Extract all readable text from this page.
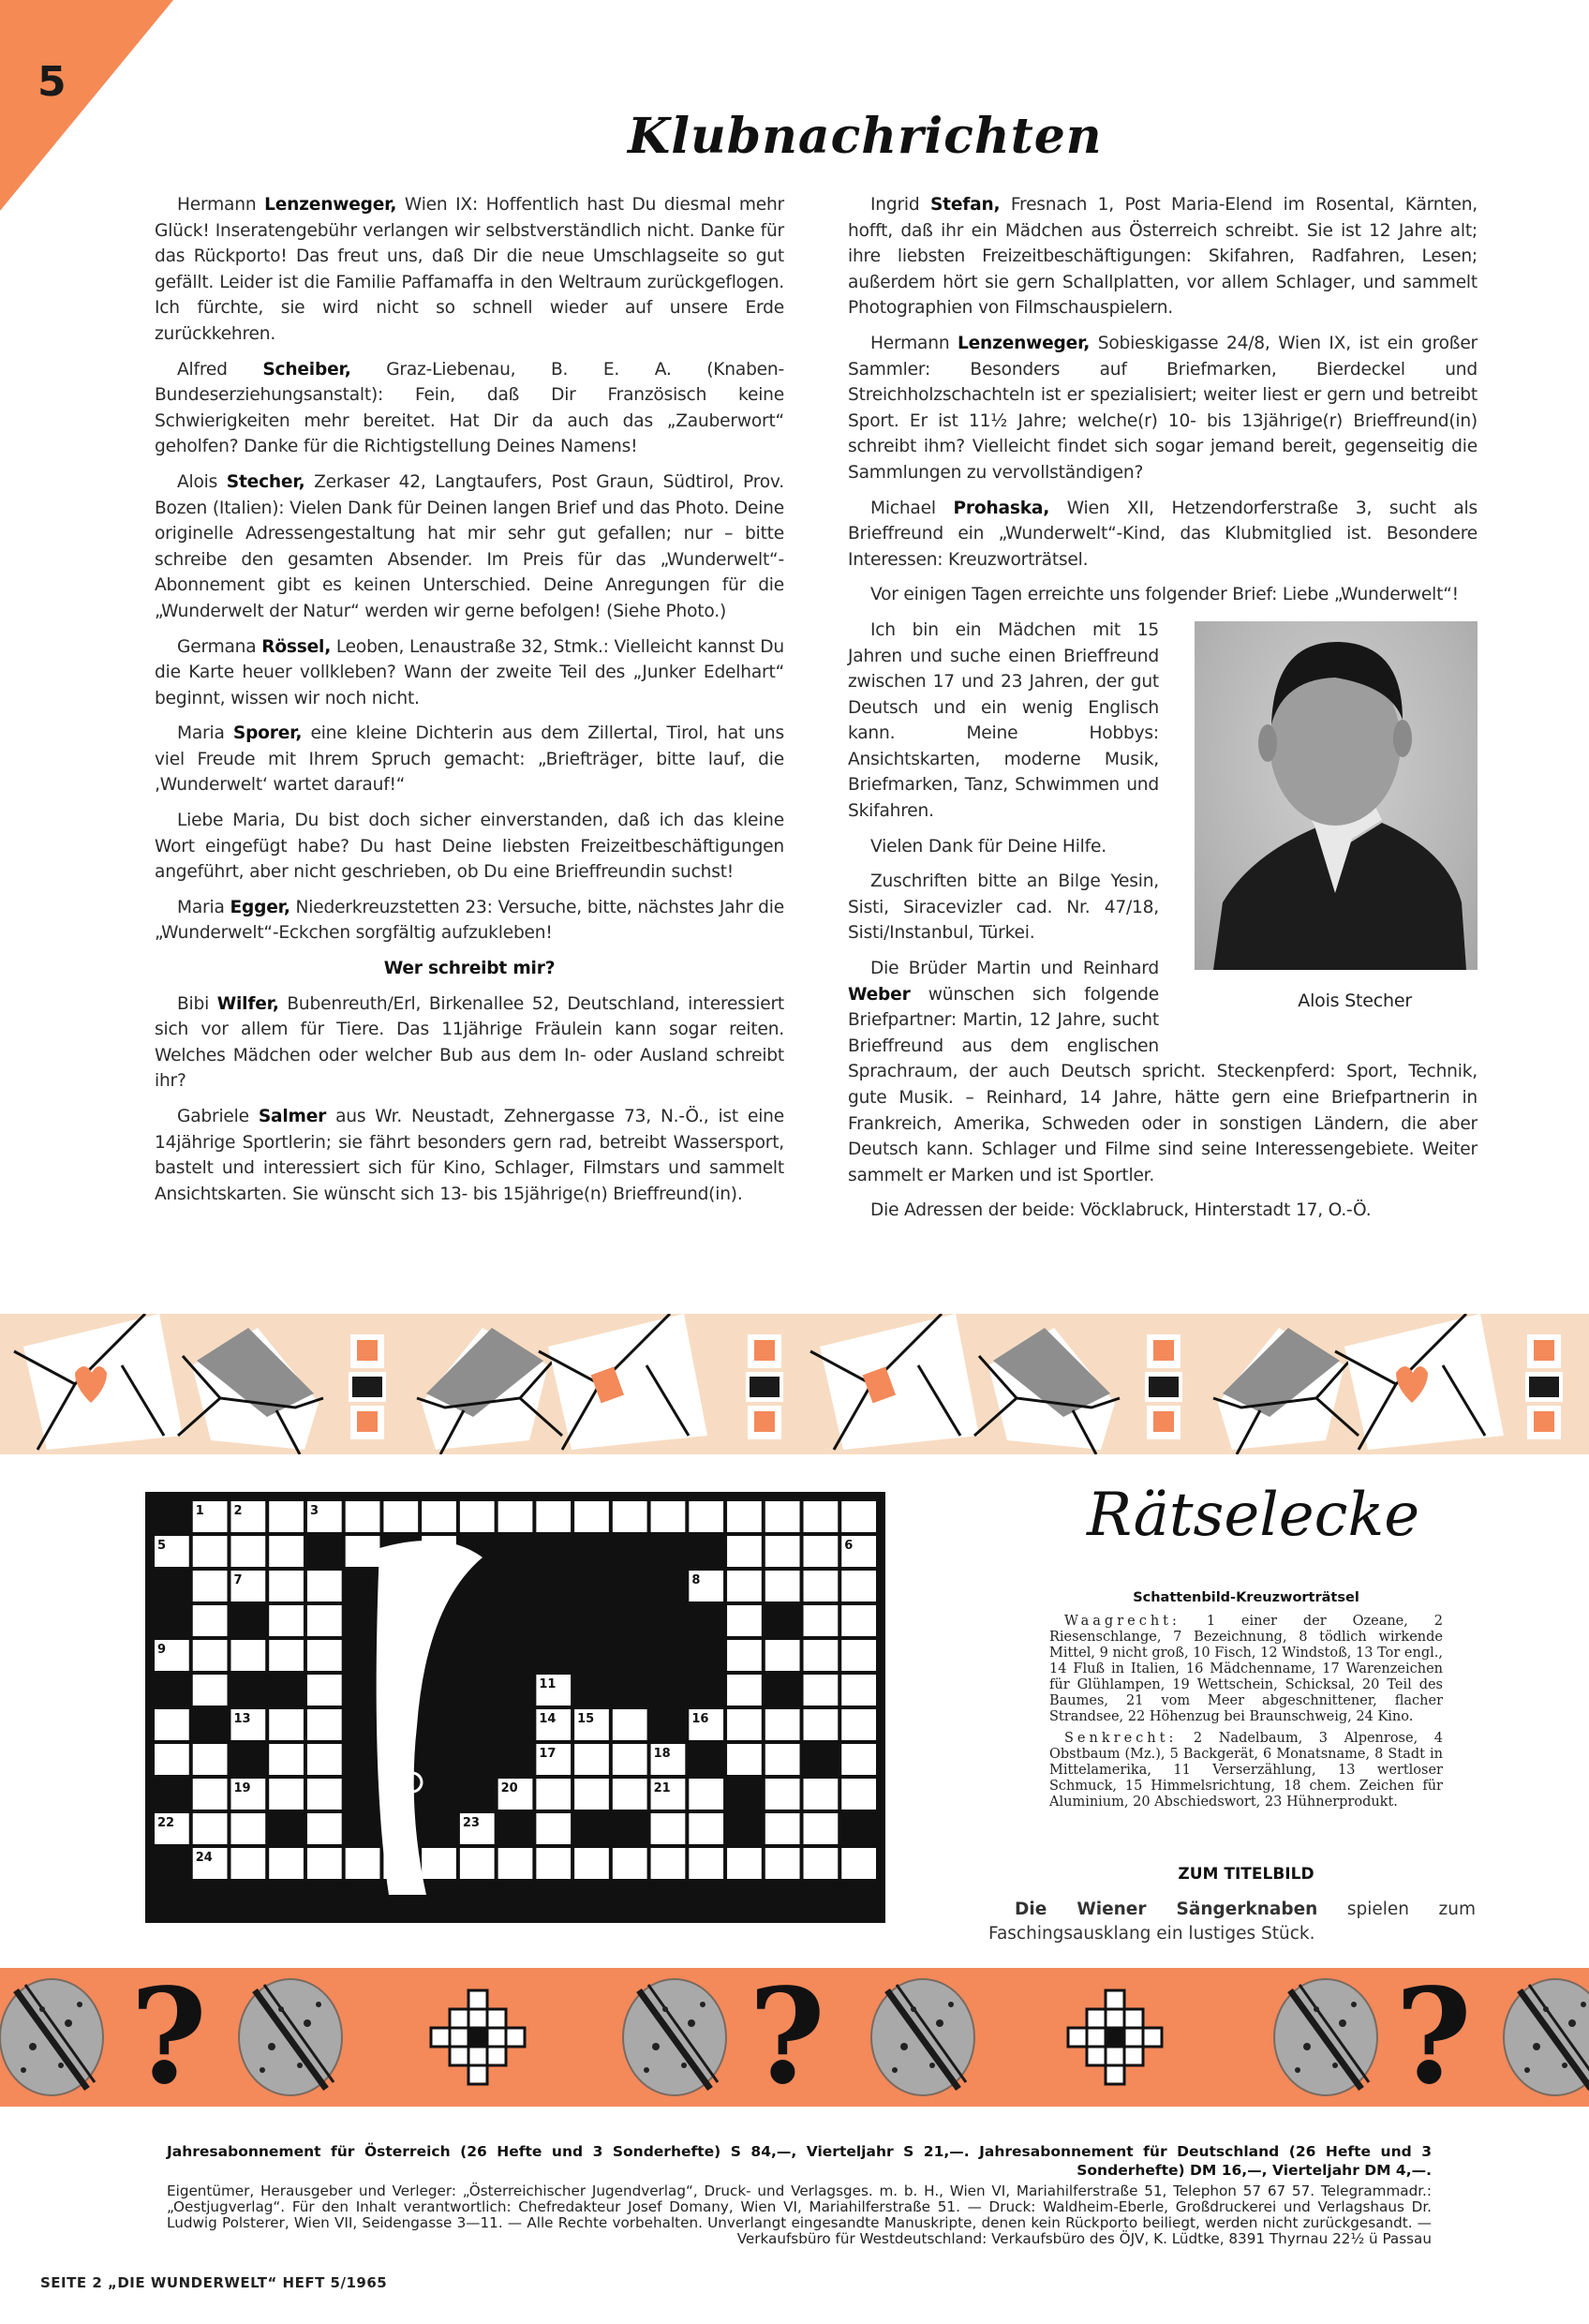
5
Klubnachrichten

Hermann Lenzenweger, Wien IX: Hoffentlich hast Du diesmal mehr Glück! Inseratengebühr verlangen wir selbstverständlich nicht. Danke für das Rückporto! Das freut uns, daß Dir die neue Umschlagseite so gut gefällt. Leider ist die Familie Paffamaffa in den Weltraum zurückgeflogen. Ich fürchte, sie wird nicht so schnell wieder auf unsere Erde zurückkehren.

Alfred Scheiber, Graz-Liebenau, B. E. A. (Knaben-Bundeserziehungsanstalt): Fein, daß Dir Französisch keine Schwierigkeiten mehr bereitet. Hat Dir da auch das „Zauberwort“ geholfen? Danke für die Richtigstellung Deines Namens!

Alois Stecher, Zerkaser 42, Langtaufers, Post Graun, Südtirol, Prov. Bozen (Italien): Vielen Dank für Deinen langen Brief und das Photo. Deine originelle Adressengestaltung hat mir sehr gut gefallen; nur – bitte schreibe den gesamten Absender. Im Preis für das „Wunderwelt“-Abonnement gibt es keinen Unterschied. Deine Anregungen für die „Wunderwelt der Natur“ werden wir gerne befolgen! (Siehe Photo.)

Germana Rössel, Leoben, Lenaustraße 32, Stmk.: Vielleicht kannst Du die Karte heuer vollkleben? Wann der zweite Teil des „Junker Edelhart“ beginnt, wissen wir noch nicht.

Maria Sporer, eine kleine Dichterin aus dem Zillertal, Tirol, hat uns viel Freude mit Ihrem Spruch gemacht: „Briefträger, bitte lauf, die ‚Wunderwelt‘ wartet darauf!“

Liebe Maria, Du bist doch sicher einverstanden, daß ich das kleine Wort eingefügt habe? Du hast Deine liebsten Freizeitbeschäftigungen angeführt, aber nicht geschrieben, ob Du eine Brieffreundin suchst!

Maria Egger, Niederkreuzstetten 23: Versuche, bitte, nächstes Jahr die „Wunderwelt“-Eckchen sorgfältig aufzukleben!

Wer schreibt mir?

Bibi Wilfer, Bubenreuth/Erl, Birkenallee 52, Deutschland, interessiert sich vor allem für Tiere. Das 11jährige Fräulein kann sogar reiten. Welches Mädchen oder welcher Bub aus dem In- oder Ausland schreibt ihr?

Gabriele Salmer aus Wr. Neustadt, Zehnergasse 73, N.-Ö., ist eine 14jährige Sportlerin; sie fährt besonders gern rad, betreibt Wassersport, bastelt und interessiert sich für Kino, Schlager, Filmstars und sammelt Ansichtskarten. Sie wünscht sich 13- bis 15jährige(n) Brieffreund(in).

Ingrid Stefan, Fresnach 1, Post Maria-Elend im Rosental, Kärnten, hofft, daß ihr ein Mädchen aus Österreich schreibt. Sie ist 12 Jahre alt; ihre liebsten Freizeitbeschäftigungen: Skifahren, Radfahren, Lesen; außerdem hört sie gern Schallplatten, vor allem Schlager, und sammelt Photographien von Filmschauspielern.

Hermann Lenzenweger, Sobieskigasse 24/8, Wien IX, ist ein großer Sammler: Besonders auf Briefmarken, Bierdeckel und Streichholzschachteln ist er spezialisiert; weiter liest er gern und betreibt Sport. Er ist 11½ Jahre; welche(r) 10- bis 13jährige(r) Brieffreund(in) schreibt ihm? Vielleicht findet sich sogar jemand bereit, gegenseitig die Sammlungen zu vervollständigen?

Michael Prohaska, Wien XII, Hetzendorferstraße 3, sucht als Brieffreund ein „Wunderwelt“-Kind, das Klubmitglied ist. Besondere Interessen: Kreuzworträtsel.

Vor einigen Tagen erreichte uns folgender Brief: Liebe „Wunderwelt“!

Alois Stecher

Ich bin ein Mädchen mit 15 Jahren und suche einen Brieffreund zwischen 17 und 23 Jahren, der gut Deutsch und ein wenig Englisch kann. Meine Hobbys: Ansichtskarten, moderne Musik, Briefmarken, Tanz, Schwimmen und Skifahren.

Vielen Dank für Deine Hilfe.

Zuschriften bitte an Bilge Yesin, Sisti, Siracevizler cad. Nr. 47/18, Sisti/Instanbul, Türkei.

Die Brüder Martin und Reinhard Weber wünschen sich folgende Briefpartner: Martin, 12 Jahre, sucht Brieffreund aus dem englischen Sprachraum, der auch Deutsch spricht. Steckenpferd: Sport, Technik, gute Musik. – Reinhard, 14 Jahre, hätte gern eine Briefpartnerin in Frankreich, Amerika, Schweden oder in sonstigen Ländern, die aber Deutsch kann. Schlager und Filme sind seine Interessengebiete. Weiter sammelt er Marken und ist Sportler.

Die Adressen der beide: Vöcklabruck, Hinterstadt 17, O.-Ö.

1 2	3
5	6
7	8
9
11
13	14 15	16
17	18
19	20	21
22	23
24
Rätselecke
Schattenbild-Kreuzworträtsel

Waagrecht: 1 einer der Ozeane, 2 Riesenschlange, 7 Bezeichnung, 8 tödlich wirkende Mittel, 9 nicht groß, 10 Fisch, 12 Windstoß, 13 Tor engl., 14 Fluß in Italien, 16 Mädchenname, 17 Warenzeichen für Glühlampen, 19 Wettschein, Schicksal, 20 Teil des Baumes, 21 vom Meer abgeschnittener, flacher Strandsee, 22 Höhenzug bei Braunschweig, 24 Kino.

Senkrecht: 2 Nadelbaum, 3 Alpenrose, 4 Obstbaum (Mz.), 5 Backgerät, 6 Monatsname, 8 Stadt in Mittelamerika, 11 Verserzählung, 13 wertloser Schmuck, 15 Himmelsrichtung, 18 chem. Zeichen für Aluminium, 20 Abschiedswort, 23 Hühnerprodukt.

ZUM TITELBILD
Die Wiener Sängerknaben spielen zum Faschingsausklang ein lustiges Stück.
?	?	?
Jahresabonnement für Österreich (26 Hefte und 3 Sonderhefte) S 84,—, Vierteljahr S 21,—. Jahresabonnement für Deutschland (26 Hefte und 3 Sonderhefte) DM 16,—, Vierteljahr DM 4,—.
Eigentümer, Herausgeber und Verleger: „Österreichischer Jugendverlag“, Druck- und Verlagsges. m. b. H., Wien VI, Mariahilferstraße 51, Telephon 57 67 57. Telegrammadr.: „Oestjugverlag“. Für den Inhalt verantwortlich: Chefredakteur Josef Domany, Wien VI, Mariahilferstraße 51. — Druck: Waldheim-Eberle, Großdruckerei und Verlagshaus Dr. Ludwig Polsterer, Wien VII, Seidengasse 3—11. — Alle Rechte vorbehalten. Unverlangt eingesandte Manuskripte, denen kein Rückporto beiliegt, werden nicht zurückgesandt. — Verkaufsbüro für Westdeutschland: Verkaufsbüro des ÖJV, K. Lüdtke, 8391 Thyrnau 22½ ü Passau
SEITE 2 „DIE WUNDERWELT“ HEFT 5/1965
